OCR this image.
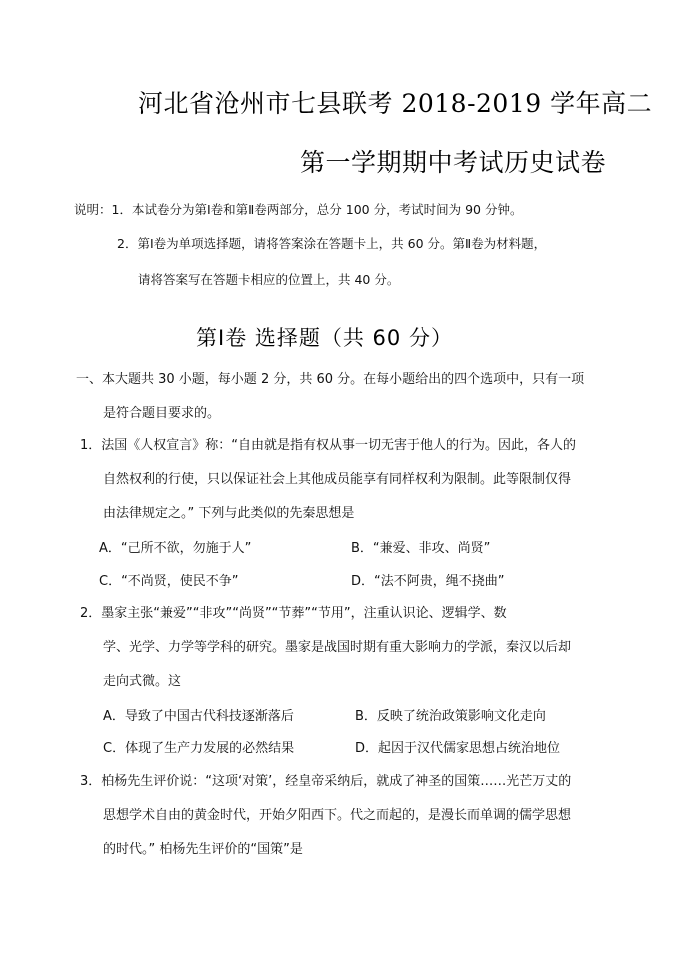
河北省沧州市七县联考 2018-2019 学年高二
第一学期期中考试历史试卷
说明：1．本试卷分为第Ⅰ卷和第Ⅱ卷两部分，总分 100 分，考试时间为 90 分钟。
2．第Ⅰ卷为单项选择题，请将答案涂在答题卡上，共 60 分。第Ⅱ卷为材料题，
请将答案写在答题卡相应的位置上，共 40 分。
第Ⅰ卷 选择题（共 60 分）
一、本大题共 30 小题，每小题 2 分，共 60 分。在每小题给出的四个选项中，只有一项
是符合题目要求的。
1．法国《人权宣言》称：“自由就是指有权从事一切无害于他人的行为。因此，各人的
自然权利的行使，只以保证社会上其他成员能享有同样权利为限制。此等限制仅得
由法律规定之。” 下列与此类似的先秦思想是
A．“己所不欲，勿施于人”	B．“兼爱、非攻、尚贤”
C．“不尚贤，使民不争”	D．“法不阿贵，绳不挠曲”
2．墨家主张“兼爱”“非攻”“尚贤”“节葬”“节用”，注重认识论、逻辑学、数
学、光学、力学等学科的研究。墨家是战国时期有重大影响力的学派，秦汉以后却
走向式微。这
A．导致了中国古代科技逐渐落后	B．反映了统治政策影响文化走向
C．体现了生产力发展的必然结果	D．起因于汉代儒家思想占统治地位
3．柏杨先生评价说：“这项‘对策’，经皇帝采纳后，就成了神圣的国策……光芒万丈的
思想学术自由的黄金时代，开始夕阳西下。代之而起的，是漫长而单调的儒学思想
的时代。” 柏杨先生评价的“国策”是
